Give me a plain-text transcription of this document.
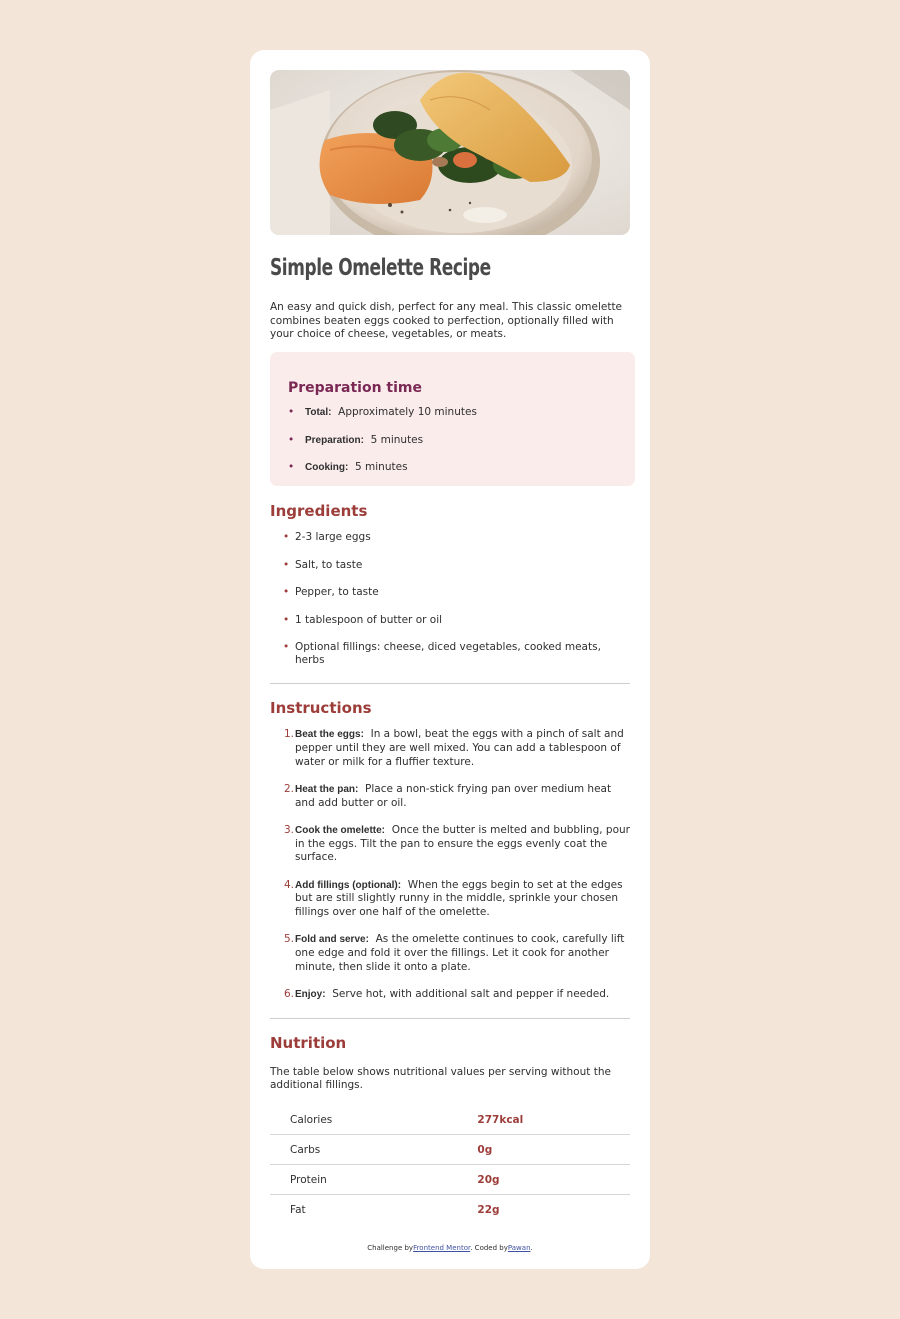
Simple Omelette Recipe

An easy and quick dish, perfect for any meal. This classic omelette combines beaten eggs cooked to perfection, optionally filled with your choice of cheese, vegetables, or meats.

Preparation time
• Total: Approximately 10 minutes
• Preparation: 5 minutes
• Cooking: 5 minutes
Ingredients
• 2-3 large eggs
• Salt, to taste
• Pepper, to taste
• 1 tablespoon of butter or oil
• Optional fillings: cheese, diced vegetables, cooked meats, herbs
Instructions
1. Beat the eggs: In a bowl, beat the eggs with a pinch of salt and pepper until they are well mixed. You can add a tablespoon of water or milk for a fluffier texture.
2. Heat the pan: Place a non-stick frying pan over medium heat and add butter or oil.
3. Cook the omelette: Once the butter is melted and bubbling, pour in the eggs. Tilt the pan to ensure the eggs evenly coat the surface.
4. Add fillings (optional): When the eggs begin to set at the edges but are still slightly runny in the middle, sprinkle your chosen fillings over one half of the omelette.
5. Fold and serve: As the omelette continues to cook, carefully lift one edge and fold it over the fillings. Let it cook for another minute, then slide it onto a plate.
6. Enjoy: Serve hot, with additional salt and pepper if needed.
Nutrition

The table below shows nutritional values per serving without the additional fillings.

Calories	277kcal
Carbs	0g
Protein	20g
Fat	22g
Challenge byFrontend Mentor. Coded byPawan.
